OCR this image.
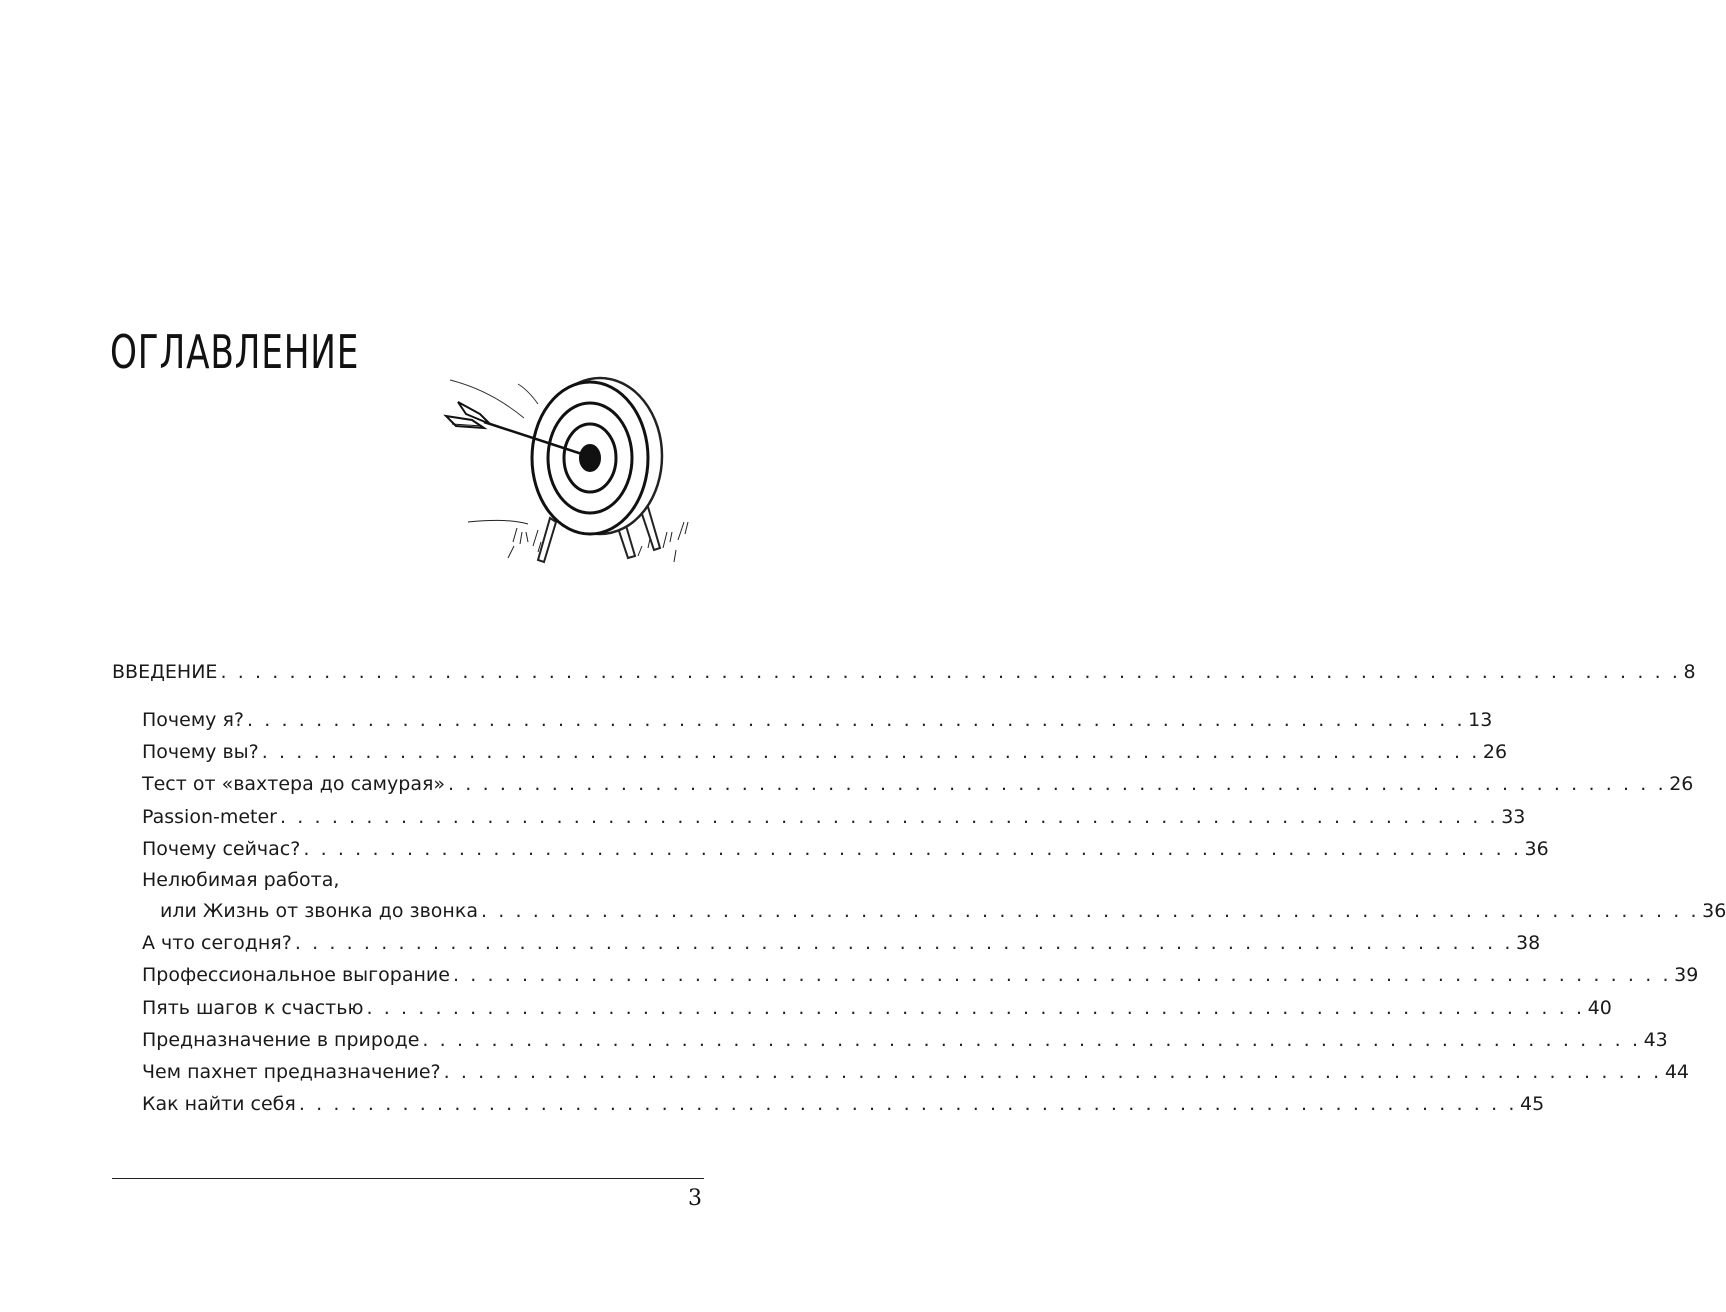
ОГЛАВЛЕНИЕ
ВВЕДЕНИЕ . . . . . . . . . . . . . . . . . . . . . . . . . . . . . . . . . . . . . . . . . . . . . . . . . . . . . . . . . . . . . . . . . . . . . . . . . . . . . . . . . . . . . 8
Почему я? . . . . . . . . . . . . . . . . . . . . . . . . . . . . . . . . . . . . . . . . . . . . . . . . . . . . . . . . . . . . . . . . . . . . . . . 13
Почему вы? . . . . . . . . . . . . . . . . . . . . . . . . . . . . . . . . . . . . . . . . . . . . . . . . . . . . . . . . . . . . . . . . . . . . . . . 26
Тест от «вахтера до самурая» . . . . . . . . . . . . . . . . . . . . . . . . . . . . . . . . . . . . . . . . . . . . . . . . . . . . . . . . . . . . . . . . . . . . . . . 26
Passion-meter . . . . . . . . . . . . . . . . . . . . . . . . . . . . . . . . . . . . . . . . . . . . . . . . . . . . . . . . . . . . . . . . . . . . . . . 33
Почему сейчас? . . . . . . . . . . . . . . . . . . . . . . . . . . . . . . . . . . . . . . . . . . . . . . . . . . . . . . . . . . . . . . . . . . . . . . . 36
Нелюбимая работа,
или Жизнь от звонка до звонка . . . . . . . . . . . . . . . . . . . . . . . . . . . . . . . . . . . . . . . . . . . . . . . . . . . . . . . . . . . . . . . . . . . . . . . 36
А что сегодня? . . . . . . . . . . . . . . . . . . . . . . . . . . . . . . . . . . . . . . . . . . . . . . . . . . . . . . . . . . . . . . . . . . . . . . . 38
Профессиональное выгорание . . . . . . . . . . . . . . . . . . . . . . . . . . . . . . . . . . . . . . . . . . . . . . . . . . . . . . . . . . . . . . . . . . . . . . . 39
Пять шагов к счастью . . . . . . . . . . . . . . . . . . . . . . . . . . . . . . . . . . . . . . . . . . . . . . . . . . . . . . . . . . . . . . . . . . . . . . . 40
Предназначение в природе . . . . . . . . . . . . . . . . . . . . . . . . . . . . . . . . . . . . . . . . . . . . . . . . . . . . . . . . . . . . . . . . . . . . . . . 43
Чем пахнет предназначение? . . . . . . . . . . . . . . . . . . . . . . . . . . . . . . . . . . . . . . . . . . . . . . . . . . . . . . . . . . . . . . . . . . . . . . . 44
Как найти себя . . . . . . . . . . . . . . . . . . . . . . . . . . . . . . . . . . . . . . . . . . . . . . . . . . . . . . . . . . . . . . . . . . . . . . . 45
3
